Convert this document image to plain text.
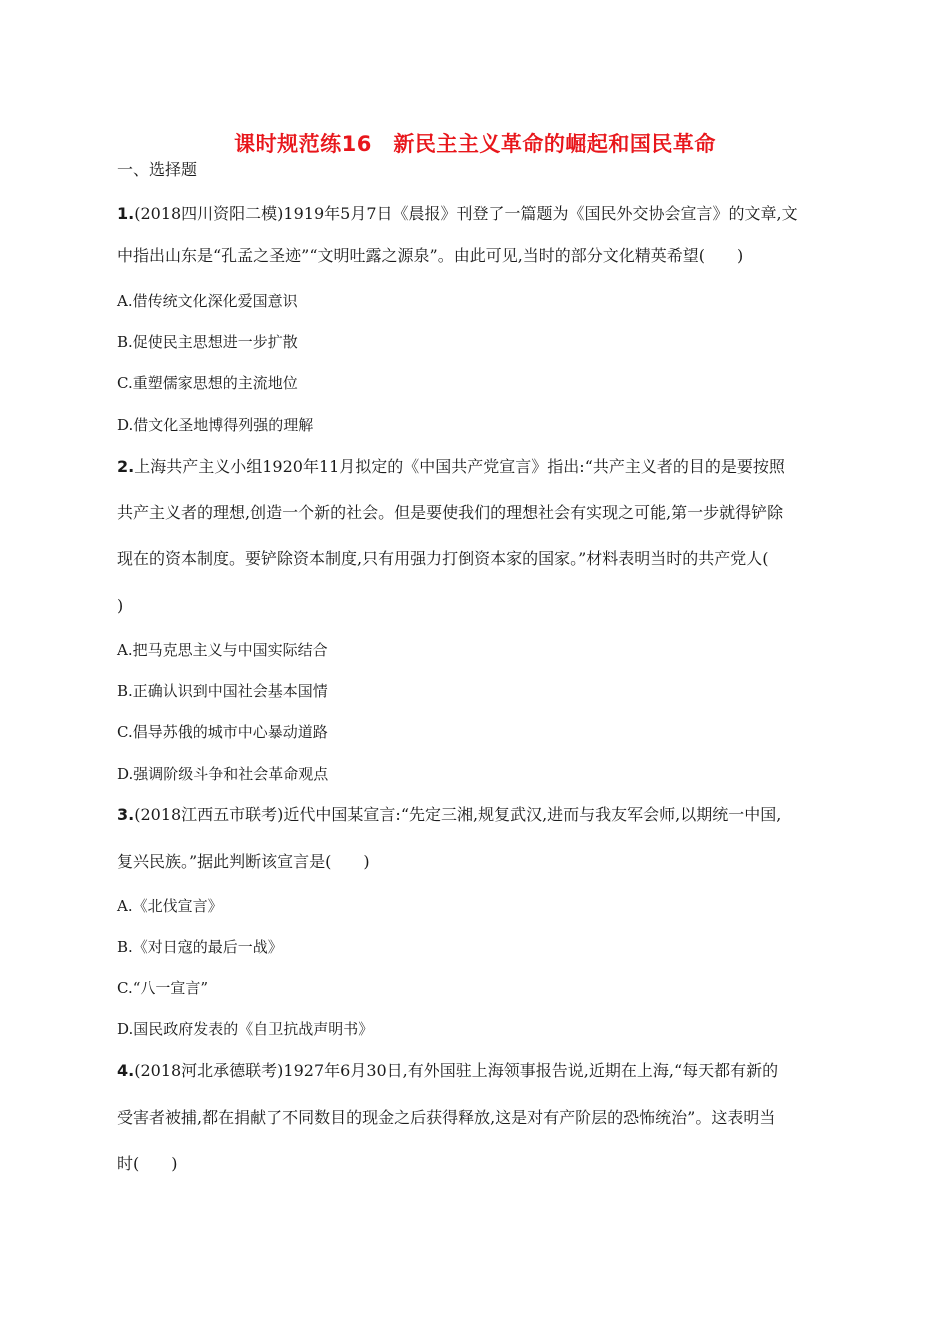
课时规范练16　新民主主义革命的崛起和国民革命
一、选择题
1.(2018四川资阳二模)1919年5月7日《晨报》刊登了一篇题为《国民外交协会宣言》的文章,文
中指出山东是“孔孟之圣迹”“文明吐露之源泉”。由此可见,当时的部分文化精英希望(　　)
A.借传统文化深化爱国意识
B.促使民主思想进一步扩散
C.重塑儒家思想的主流地位
D.借文化圣地博得列强的理解
2.上海共产主义小组1920年11月拟定的《中国共产党宣言》指出:“共产主义者的目的是要按照
共产主义者的理想,创造一个新的社会。但是要使我们的理想社会有实现之可能,第一步就得铲除
现在的资本制度。要铲除资本制度,只有用强力打倒资本家的国家。”材料表明当时的共产党人(
)
A.把马克思主义与中国实际结合
B.正确认识到中国社会基本国情
C.倡导苏俄的城市中心暴动道路
D.强调阶级斗争和社会革命观点
3.(2018江西五市联考)近代中国某宣言:“先定三湘,规复武汉,进而与我友军会师,以期统一中国,
复兴民族。”据此判断该宣言是(　　)
A.《北伐宣言》
B.《对日寇的最后一战》
C.“八一宣言”
D.国民政府发表的《自卫抗战声明书》
4.(2018河北承德联考)1927年6月30日,有外国驻上海领事报告说,近期在上海,“每天都有新的
受害者被捕,都在捐献了不同数目的现金之后获得释放,这是对有产阶层的恐怖统治”。这表明当
时(　　)
